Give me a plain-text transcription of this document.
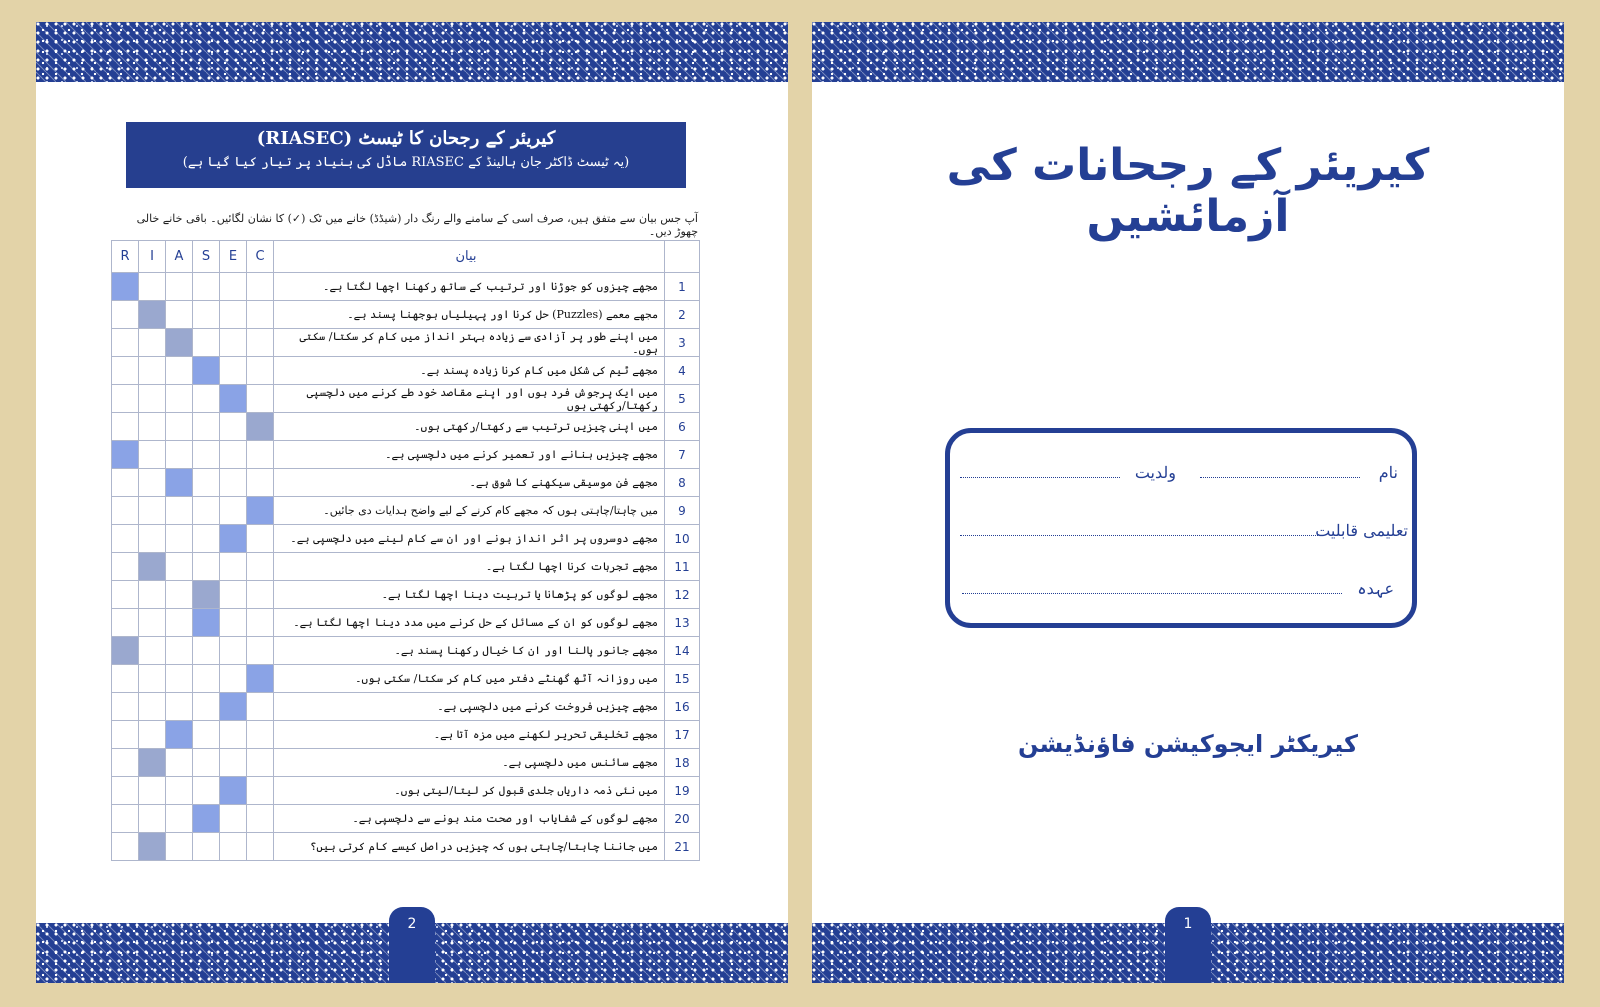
کیریئر کے رجحان کا ٹیسٹ (RIASEC)
(یہ ٹیسٹ ڈاکٹر جان ہالینڈ کے RIASEC ماڈل کی بنیاد پر تیار کیا گیا ہے)
آپ جس بیان سے متفق ہیں، صرف اسی کے سامنے والے رنگ دار (شیڈڈ) خانے میں ٹک (✓) کا نشان لگائیں۔ باقی خانے خالی چھوڑ دیں۔
R	I	A	S	E	C	بیان	
						مجھے چیزوں کو جوڑنا اور ترتیب کے ساتھ رکھنا اچھا لگتا ہے۔	1
						مجھے معمے (Puzzles) حل کرنا اور پہیلیاں بوجھنا پسند ہے۔	2
						میں اپنے طور پر آزادی سے زیادہ بہتر انداز میں کام کر سکتا/ سکتی ہوں۔	3
						مجھے ٹیم کی شکل میں کام کرنا زیادہ پسند ہے۔	4
						میں ایک پرجوش فرد ہوں اور اپنے مقاصد خود طے کرنے میں دلچسپی رکھتا/رکھتی ہوں	5
						میں اپنی چیزیں ترتیب سے رکھتا/رکھتی ہوں۔	6
						مجھے چیزیں بنانے اور تعمیر کرنے میں دلچسپی ہے۔	7
						مجھے فن موسیقی سیکھنے کا شوق ہے۔	8
						میں چاہتا/چاہتی ہوں کہ مجھے کام کرنے کے لیے واضح ہدایات دی جائیں۔	9
						مجھے دوسروں پر اثر انداز ہونے اور ان سے کام لینے میں دلچسپی ہے۔	10
						مجھے تجربات کرنا اچھا لگتا ہے۔	11
						مجھے لوگوں کو پڑھانا یا تربیت دینا اچھا لگتا ہے۔	12
						مجھے لوگوں کو ان کے مسائل کے حل کرنے میں مدد دینا اچھا لگتا ہے۔	13
						مجھے جانور پالنا اور ان کا خیال رکھنا پسند ہے۔	14
						میں روزانہ آٹھ گھنٹے دفتر میں کام کر سکتا/ سکتی ہوں۔	15
						مجھے چیزیں فروخت کرنے میں دلچسپی ہے۔	16
						مجھے تخلیقی تحریر لکھنے میں مزہ آتا ہے۔	17
						مجھے سائنس میں دلچسپی ہے۔	18
						میں نئی ذمہ داریاں جلدی قبول کر لیتا/لیتی ہوں۔	19
						مجھے لوگوں کے شفایاب اور صحت مند ہونے سے دلچسپی ہے۔	20
						میں جاننا چاہتا/چاہتی ہوں کہ چیزیں دراصل کیسے کام کرتی ہیں؟	21
2
کیریئر کے رجحانات کی آزمائشیں
نام
ولدیت
تعلیمی قابلیت
عہدہ
کیریکٹر ایجوکیشن فاؤنڈیشن
1
